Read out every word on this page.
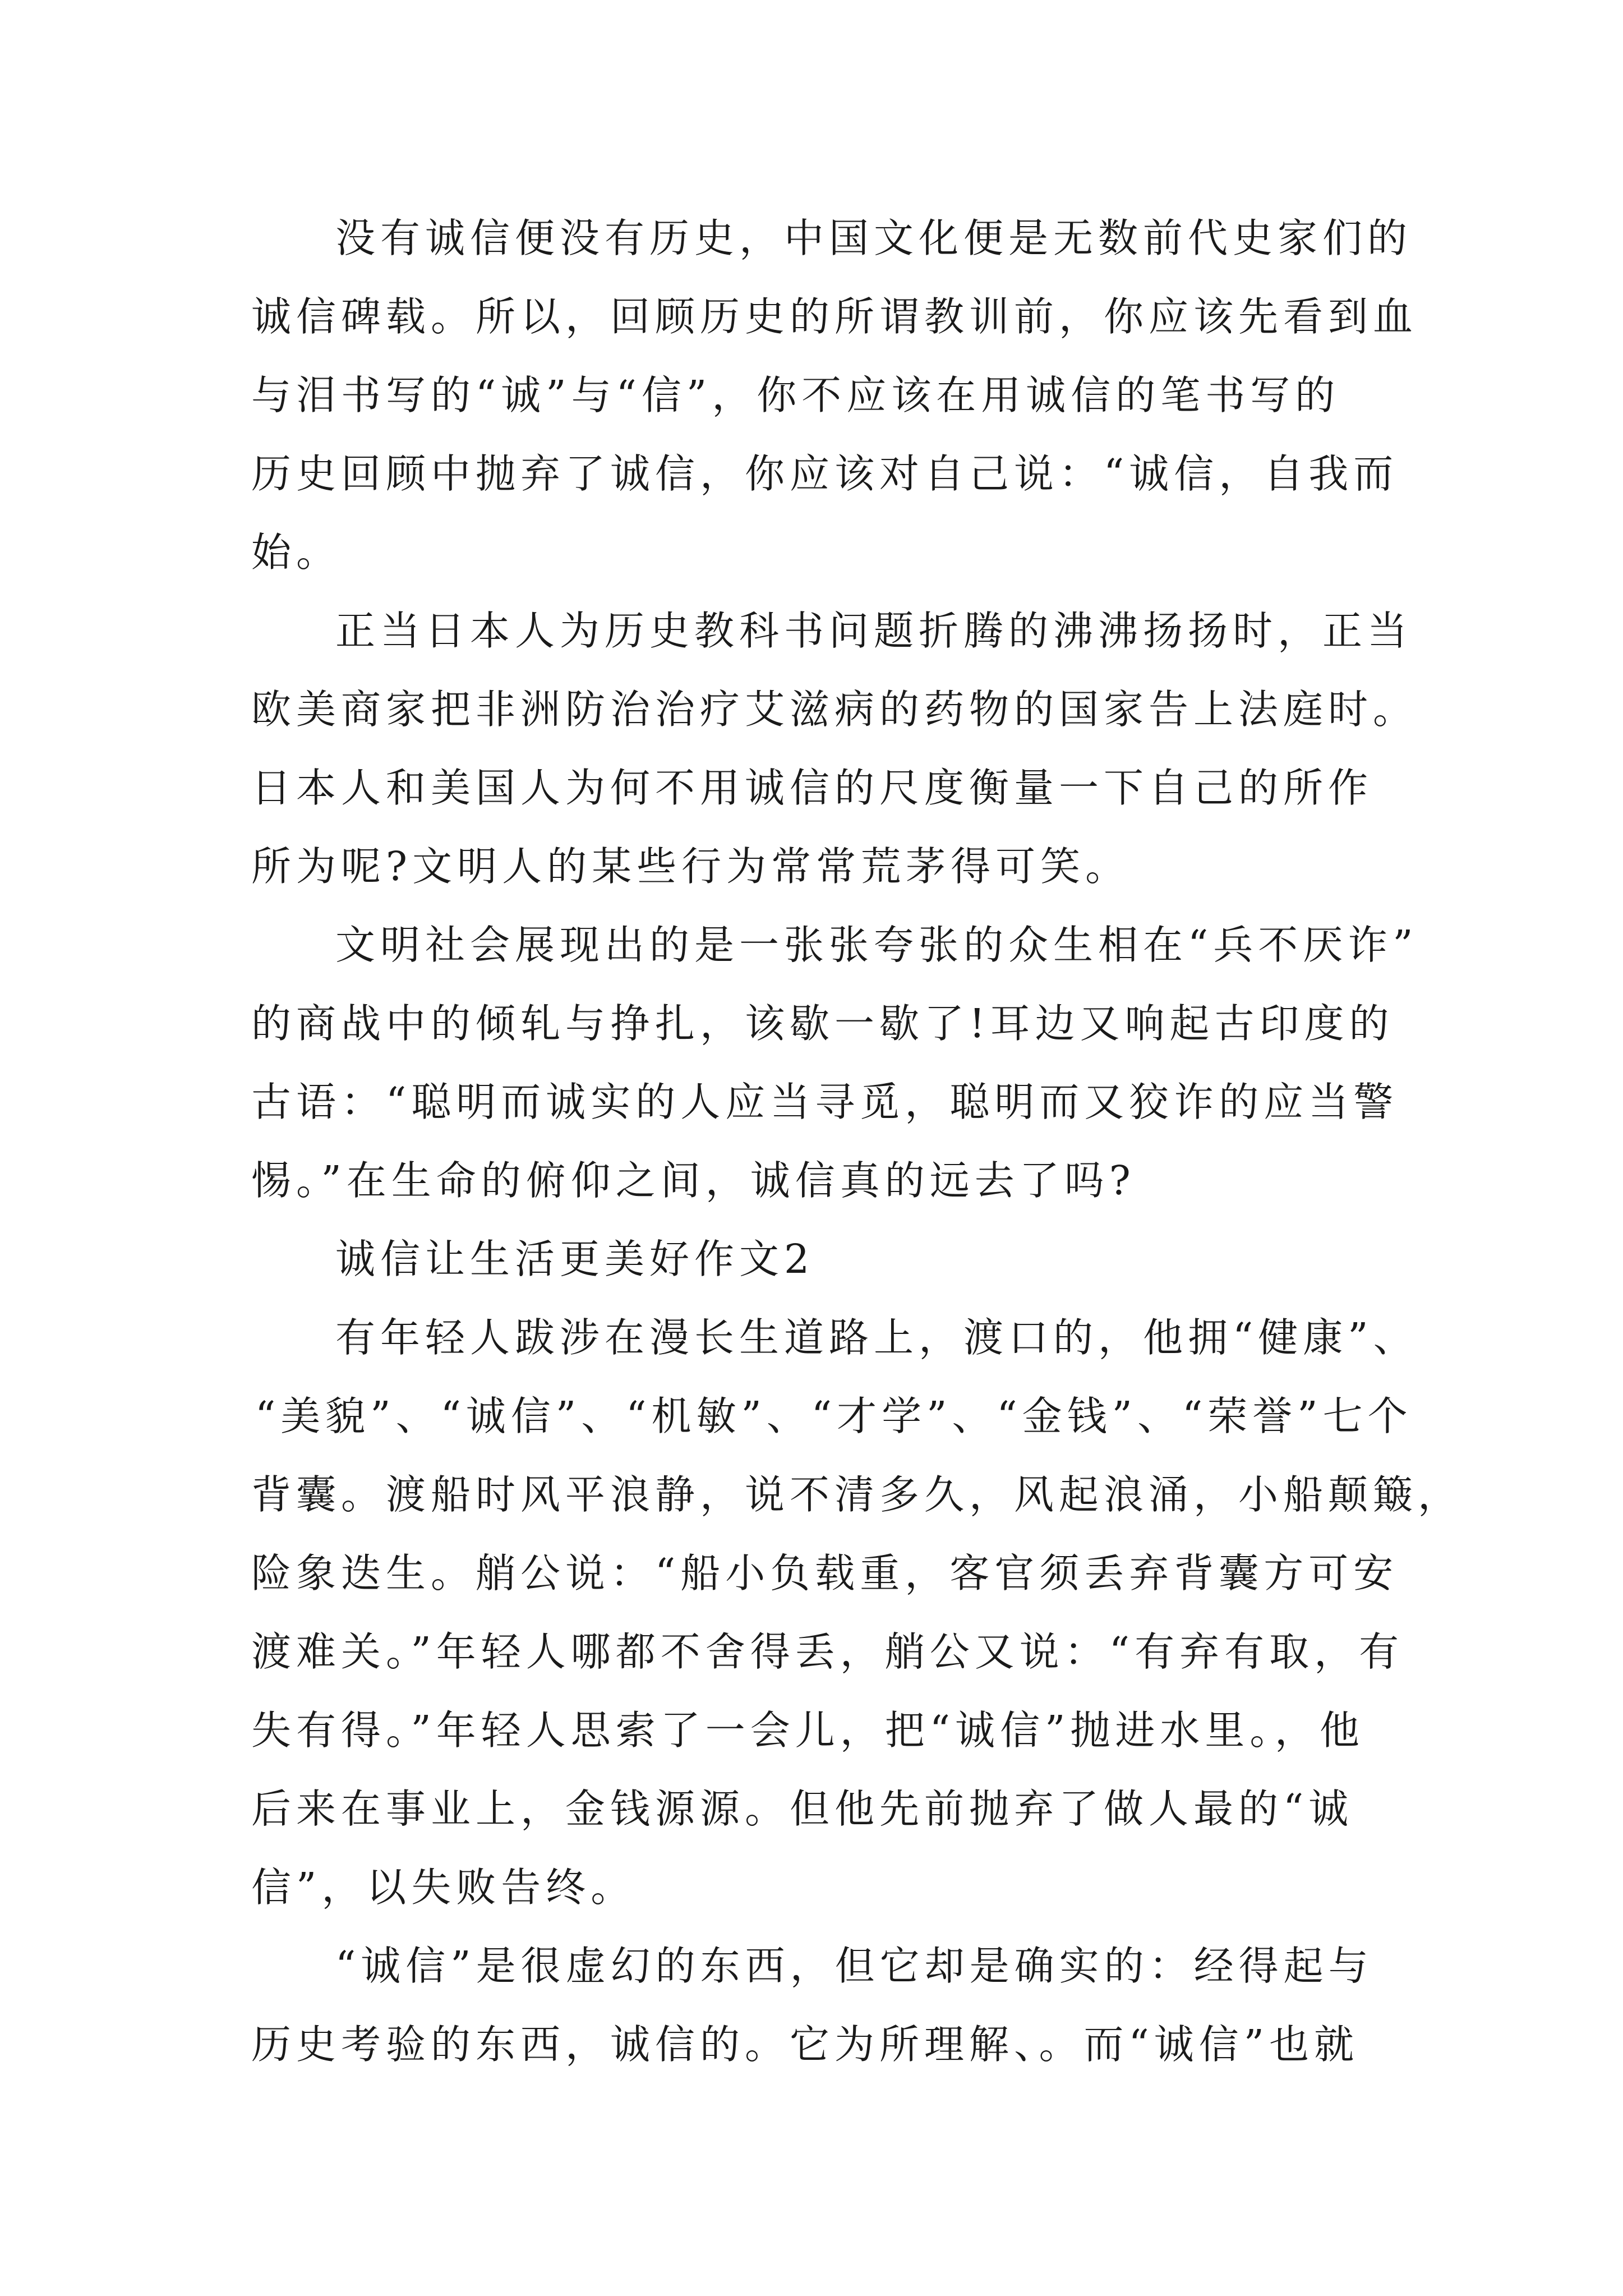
没有诚信便没有历史，中国文化便是无数前代史家们的

诚信碑载。所以，回顾历史的所谓教训前，你应该先看到血

与泪书写的“诚”与“信”，你不应该在用诚信的笔书写的

历史回顾中抛弃了诚信，你应该对自己说：“诚信，自我而

始。

正当日本人为历史教科书问题折腾的沸沸扬扬时，正当

欧美商家把非洲防治治疗艾滋病的药物的国家告上法庭时。

日本人和美国人为何不用诚信的尺度衡量一下自己的所作

所为呢?文明人的某些行为常常荒茅得可笑。

文明社会展现出的是一张张夸张的众生相在“兵不厌诈”

的商战中的倾轧与挣扎，该歇一歇了!耳边又响起古印度的

古语：“聪明而诚实的人应当寻觅，聪明而又狡诈的应当警

惕。”在生命的俯仰之间，诚信真的远去了吗?

诚信让生活更美好作文2

有年轻人跋涉在漫长生道路上，渡口的，他拥“健康”、

“美貌”、“诚信”、“机敏”、“才学”、“金钱”、“荣誉”七个

背囊。渡船时风平浪静，说不清多久，风起浪涌，小船颠簸，

险象迭生。艄公说：“船小负载重，客官须丢弃背囊方可安

渡难关。”年轻人哪都不舍得丢，艄公又说：“有弃有取，有

失有得。”年轻人思索了一会儿，把“诚信”抛进水里。，他

后来在事业上，金钱源源。但他先前抛弃了做人最的“诚

信”，以失败告终。

“诚信”是很虚幻的东西，但它却是确实的：经得起与

历史考验的东西，诚信的。它为所理解、。而“诚信”也就
